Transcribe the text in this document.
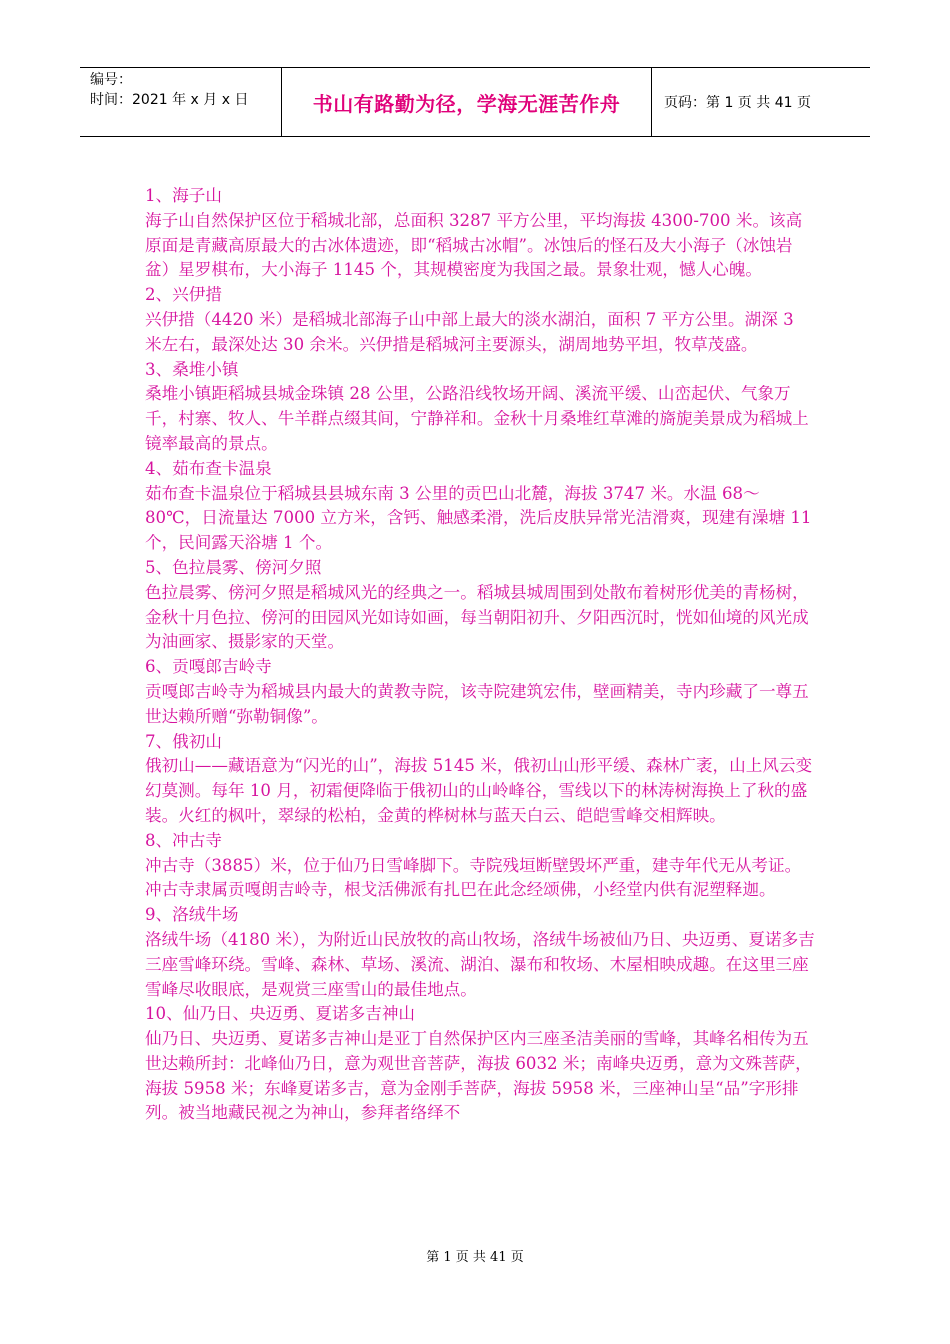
编号：
时间：2021 年 x 月 x 日	书山有路勤为径，学海无涯苦作舟	页码：第 1 页 共 41 页

1、海子山

海子山自然保护区位于稻城北部，总面积 3287 平方公里，平均海拔 4300-700 米。该高原面是青藏高原最大的古冰体遗迹，即“稻城古冰帽”。冰蚀后的怪石及大小海子（冰蚀岩盆）星罗棋布，大小海子 1145 个，其规模密度为我国之最。景象壮观，憾人心魄。

2、兴伊措

兴伊措（4420 米）是稻城北部海子山中部上最大的淡水湖泊，面积 7 平方公里。湖深 3 米左右，最深处达 30 余米。兴伊措是稻城河主要源头，湖周地势平坦，牧草茂盛。

3、桑堆小镇

桑堆小镇距稻城县城金珠镇 28 公里，公路沿线牧场开阔、溪流平缓、山峦起伏、气象万千，村寨、牧人、牛羊群点缀其间，宁静祥和。金秋十月桑堆红草滩的旖旎美景成为稻城上镜率最高的景点。

4、茹布查卡温泉

茹布查卡温泉位于稻城县县城东南 3 公里的贡巴山北麓，海拔 3747 米。水温 68～80℃，日流量达 7000 立方米，含钙、触感柔滑，洗后皮肤异常光洁滑爽，现建有澡塘 11 个，民间露天浴塘 1 个。

5、色拉晨雾、傍河夕照

色拉晨雾、傍河夕照是稻城风光的经典之一。稻城县城周围到处散布着树形优美的青杨树，金秋十月色拉、傍河的田园风光如诗如画，每当朝阳初升、夕阳西沉时，恍如仙境的风光成为油画家、摄影家的天堂。

6、贡嘎郎吉岭寺

贡嘎郎吉岭寺为稻城县内最大的黄教寺院，该寺院建筑宏伟，壁画精美，寺内珍藏了一尊五世达赖所赠“弥勒铜像”。

7、俄初山

俄初山——藏语意为“闪光的山”，海拔 5145 米，俄初山山形平缓、森林广袤，山上风云变幻莫测。每年 10 月，初霜便降临于俄初山的山岭峰谷，雪线以下的林涛树海换上了秋的盛装。火红的枫叶，翠绿的松柏，金黄的桦树林与蓝天白云、皑皑雪峰交相辉映。

8、冲古寺

冲古寺（3885）米，位于仙乃日雪峰脚下。寺院残垣断壁毁坏严重，建寺年代无从考证。冲古寺隶属贡嘎朗吉岭寺，根戈活佛派有扎巴在此念经颂佛，小经堂内供有泥塑释迦。

9、洛绒牛场

洛绒牛场（4180 米），为附近山民放牧的高山牧场，洛绒牛场被仙乃日、央迈勇、夏诺多吉三座雪峰环绕。雪峰、森林、草场、溪流、湖泊、瀑布和牧场、木屋相映成趣。在这里三座雪峰尽收眼底，是观赏三座雪山的最佳地点。

10、仙乃日、央迈勇、夏诺多吉神山

仙乃日、央迈勇、夏诺多吉神山是亚丁自然保护区内三座圣洁美丽的雪峰，其峰名相传为五世达赖所封：北峰仙乃日，意为观世音菩萨，海拔 6032 米；南峰央迈勇，意为文殊菩萨，海拔 5958 米；东峰夏诺多吉，意为金刚手菩萨，海拔 5958 米，三座神山呈“品”字形排列。被当地藏民视之为神山，参拜者络绎不

第 1 页 共 41 页
